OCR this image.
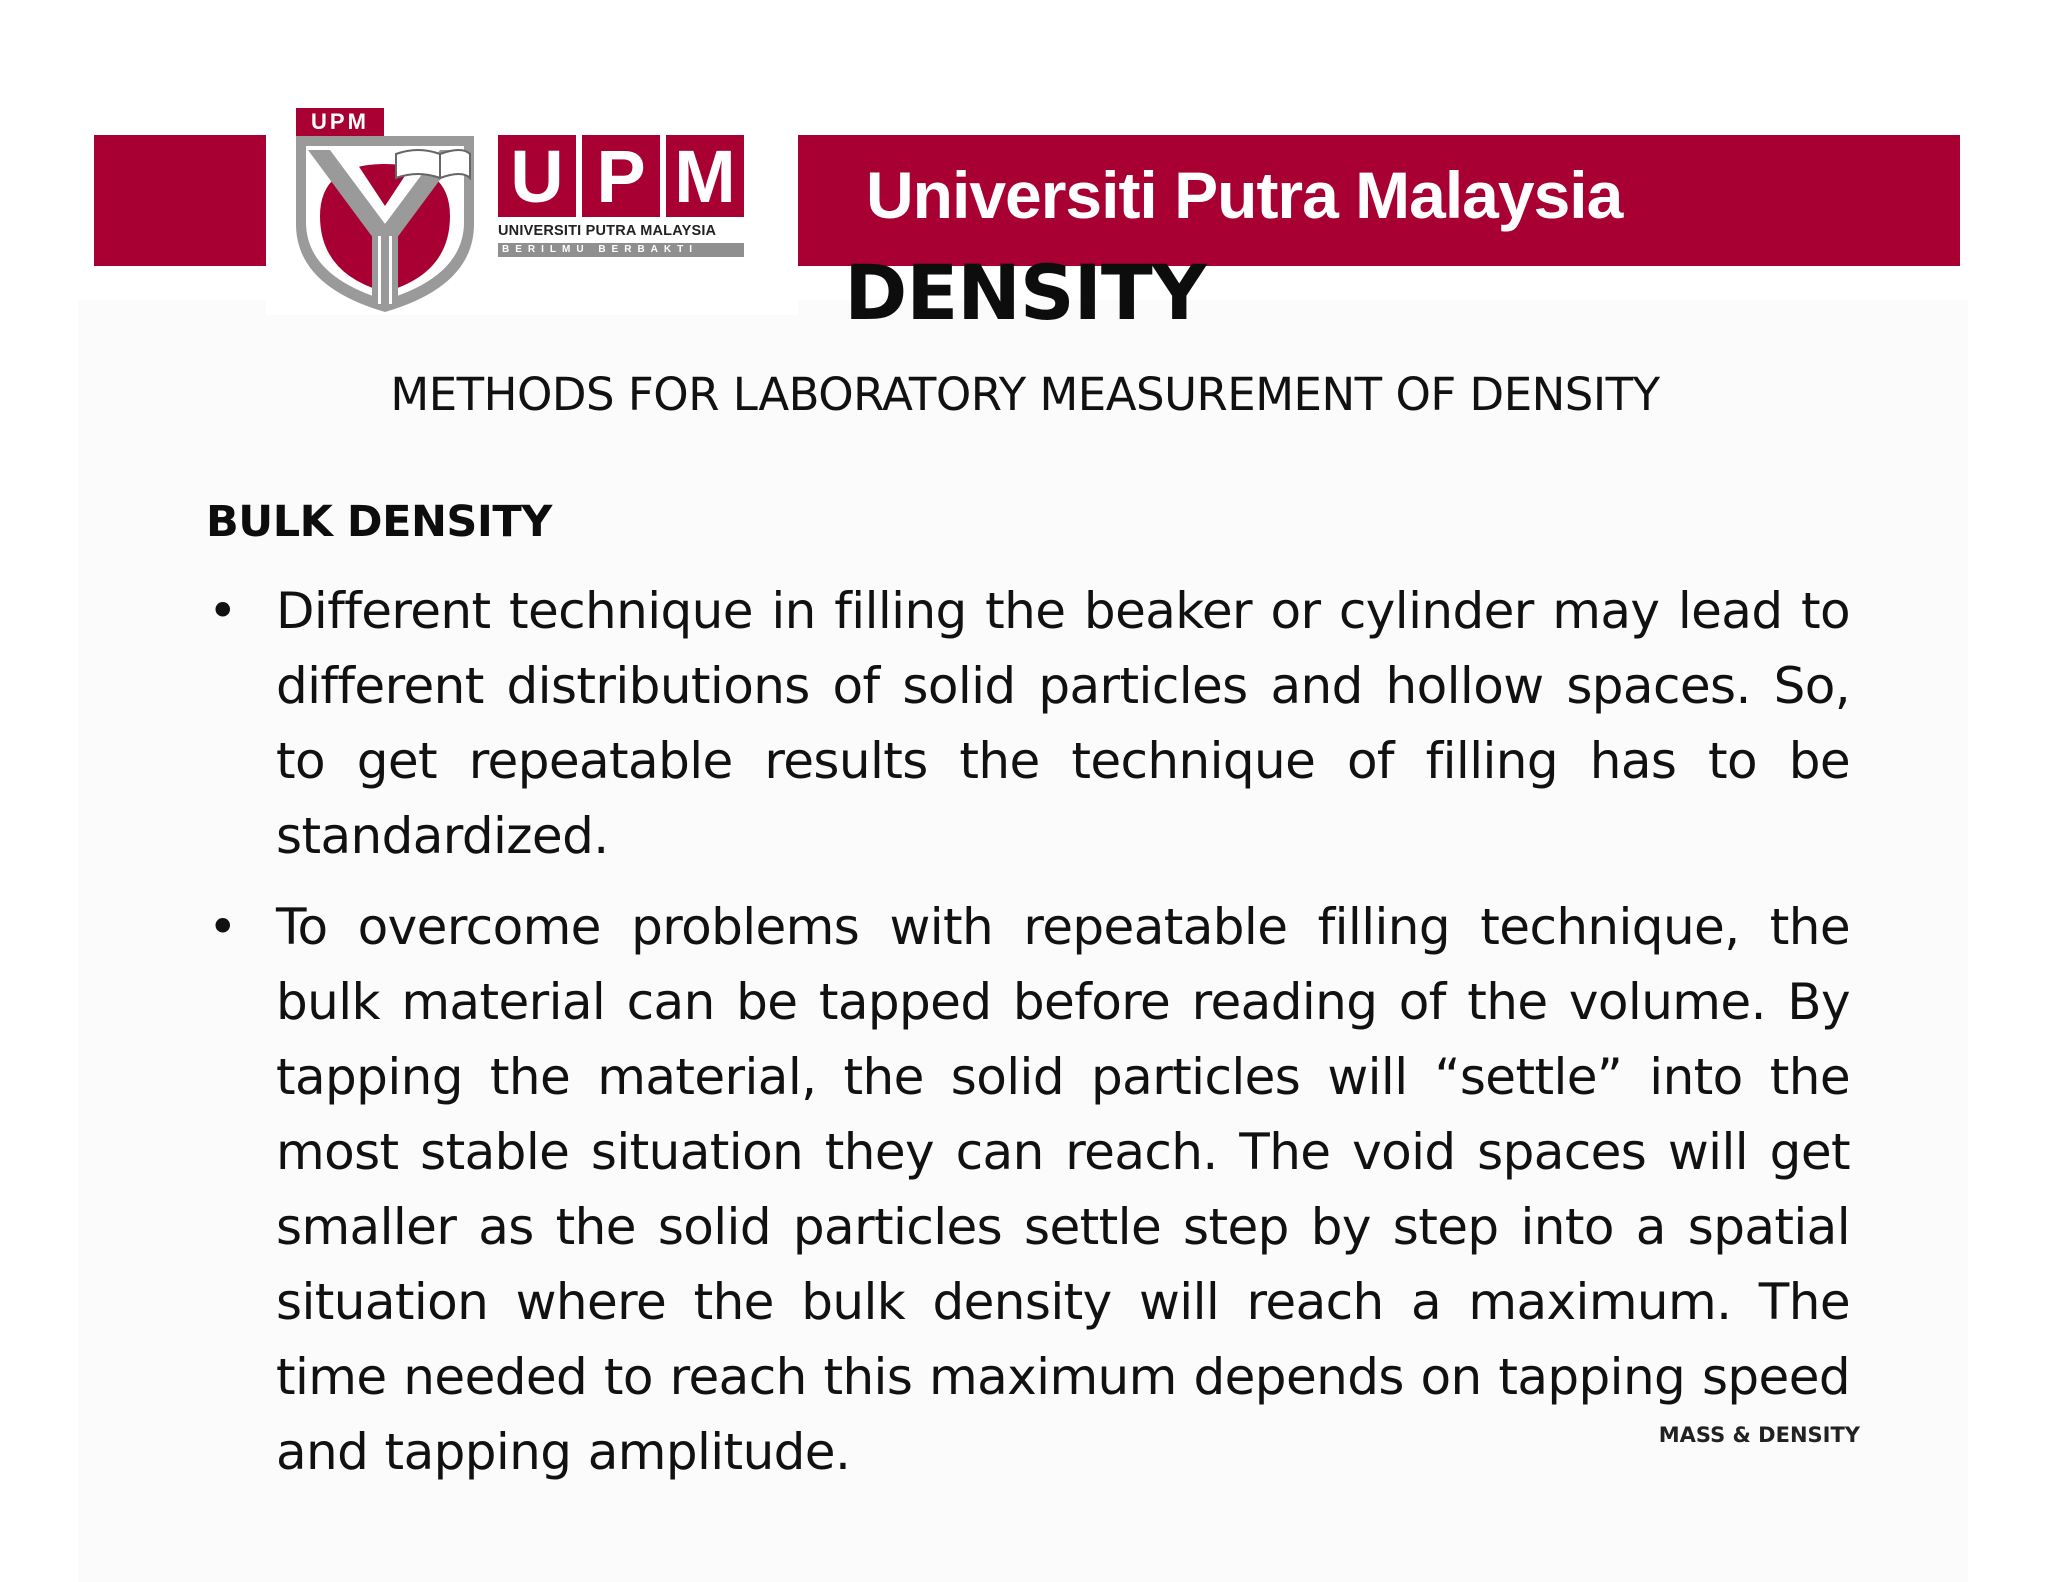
Universiti Putra Malaysia
UPM
U P M
UNIVERSITI PUTRA MALAYSIA
BERILMU BERBAKTI	DENSITY
METHODS FOR LABORATORY MEASUREMENT OF DENSITY
BULK DENSITY
• Different technique in filling the beaker or cylinder may lead to different distributions of solid particles and hollow spaces. So, to get repeatable results the technique of filling has to be standardized.
• To overcome problems with repeatable filling technique, the bulk material can be tapped before reading of the volume. By tapping the material, the solid particles will “settle” into the most stable situation they can reach. The void spaces will get smaller as the solid particles settle step by step into a spatial situation where the bulk density will reach a maximum. The time needed to reach this maximum depends on tapping speed and tapping amplitude.	MASS & DENSITY
